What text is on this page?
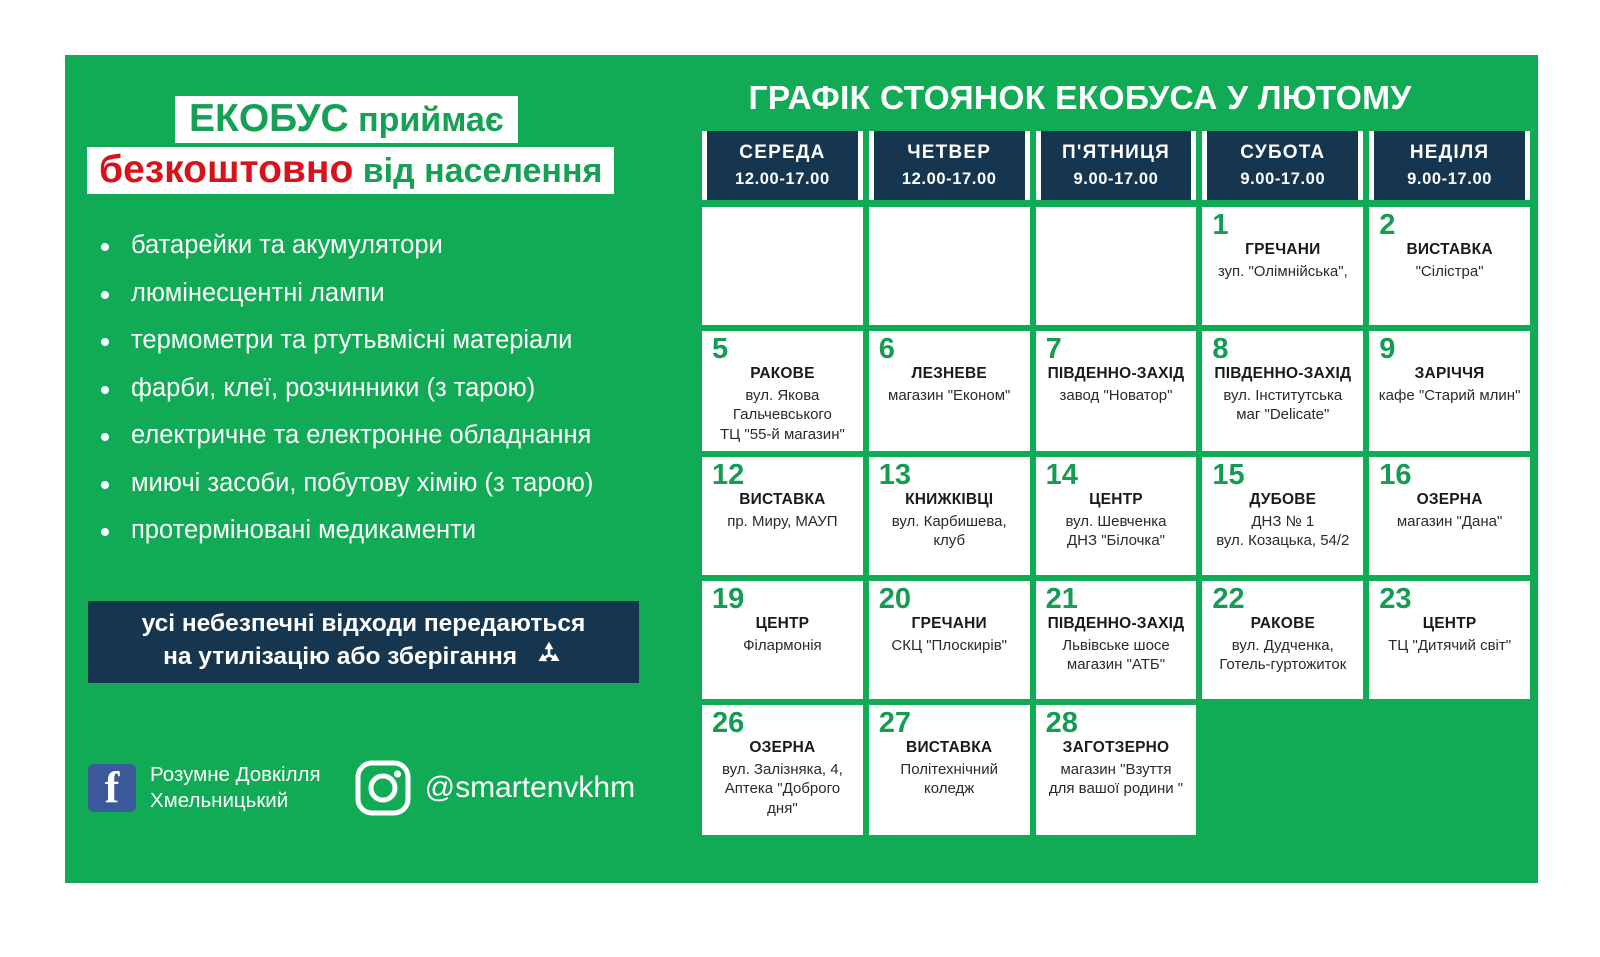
ЕКОБУС приймає
безкоштовно від населення
батарейки та акумулятори
люмінесцентні лампи
термометри та ртутьвмісні матеріали
фарби, клеї, розчинники (з тарою)
електричне та електронне обладнання
миючі засоби, побутову хімію (з тарою)
протерміновані медикаменти
усі небезпечні відходи передаються
на утилізацію або зберігання
f	Розумне Довкілля
Хмельницький	@smartenvkhm
ГРАФІК СТОЯНОК ЕКОБУСА У ЛЮТОМУ
СЕРЕДА
12.00-17.00
ЧЕТВЕР
12.00-17.00
П'ЯТНИЦЯ
9.00-17.00
СУБОТА
9.00-17.00
НЕДІЛЯ
9.00-17.00
1
ГРЕЧАНИ
зуп. "Олімнійська",
2
ВИСТАВКА
"Сілістра"
5
РАКОВЕ
вул. Якова
Гальчевського
ТЦ "55-й магазин"
6
ЛЕЗНЕВЕ
магазин "Економ"
7
ПІВДЕННО-ЗАХІД
завод "Новатор"
8
ПІВДЕННО-ЗАХІД
вул. Інститутська
маг "Delicate"
9
ЗАРІЧЧЯ
кафе "Старий млин"
12
ВИСТАВКА
пр. Миру, МАУП
13
КНИЖКІВЦІ
вул. Карбишева,
клуб
14
ЦЕНТР
вул. Шевченка
ДНЗ "Білочка"
15
ДУБОВЕ
ДНЗ № 1
вул. Козацька, 54/2
16
ОЗЕРНА
магазин "Дана"
19
ЦЕНТР
Філармонія
20
ГРЕЧАНИ
СКЦ "Плоскирів"
21
ПІВДЕННО-ЗАХІД
Львівське шосе
магазин "АТБ"
22
РАКОВЕ
вул. Дудченка,
Готель-гуртожиток
23
ЦЕНТР
ТЦ "Дитячий світ"
26
ОЗЕРНА
вул. Залізняка, 4,
Аптека "Доброго
дня"
27
ВИСТАВКА
Політехнічний
коледж
28
ЗАГОТЗЕРНО
магазин "Взуття
для вашої родини "
